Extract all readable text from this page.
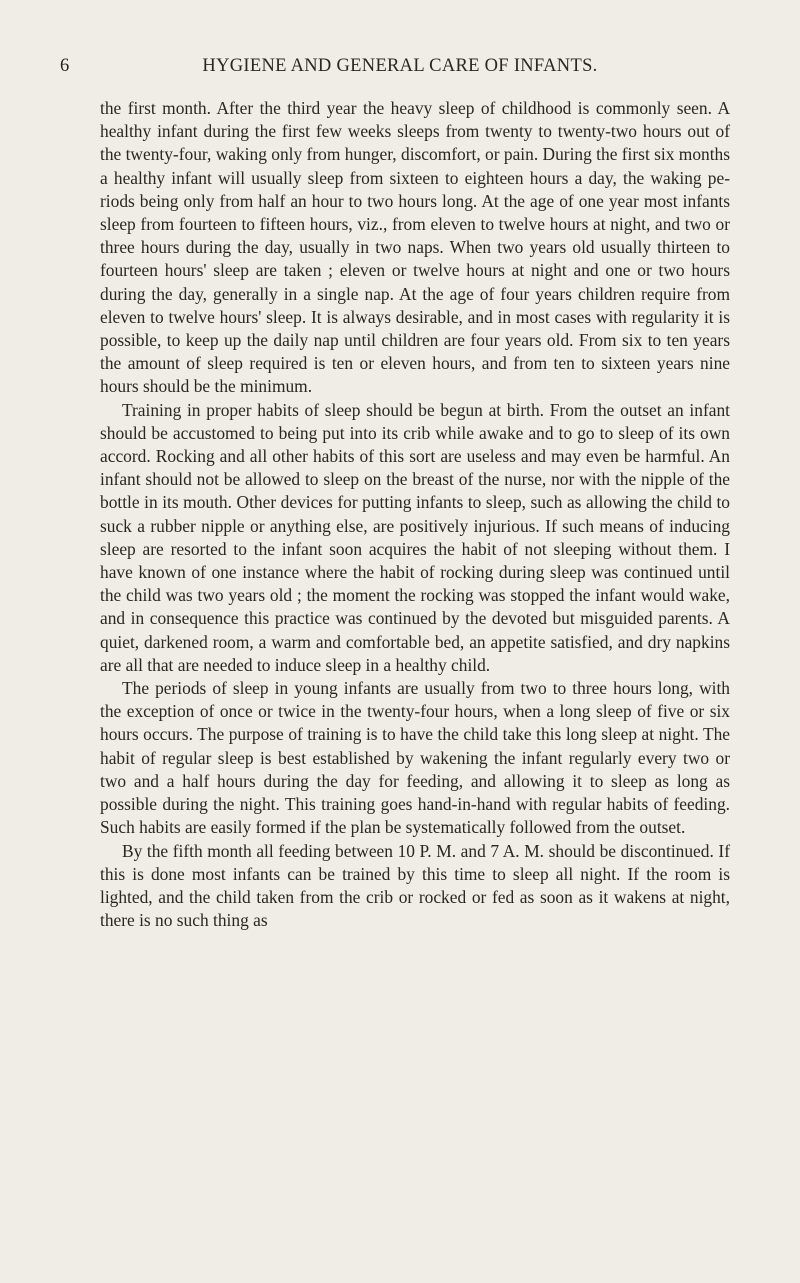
6	HYGIENE AND GENERAL CARE OF INFANTS.

the first month. After the third year the heavy sleep of childhood is commonly seen. A healthy infant during the first few weeks sleeps from twenty to twenty-two hours out of the twenty-four, waking only from hunger, discomfort, or pain. During the first six months a healthy infant will usually sleep from sixteen to eighteen hours a day, the waking periods being only from half an hour to two hours long. At the age of one year most infants sleep from fourteen to fifteen hours, viz., from eleven to twelve hours at night, and two or three hours during the day, usually in two naps. When two years old usually thirteen to fourteen hours' sleep are taken ; eleven or twelve hours at night and one or two hours during the day, generally in a single nap. At the age of four years children require from eleven to twelve hours' sleep. It is always desirable, and in most cases with regularity it is possible, to keep up the daily nap until children are four years old. From six to ten years the amount of sleep required is ten or eleven hours, and from ten to sixteen years nine hours should be the minimum.

Training in proper habits of sleep should be begun at birth. From the outset an infant should be accustomed to being put into its crib while awake and to go to sleep of its own accord. Rocking and all other habits of this sort are useless and may even be harmful. An infant should not be allowed to sleep on the breast of the nurse, nor with the nipple of the bottle in its mouth. Other devices for putting infants to sleep, such as allowing the child to suck a rubber nipple or anything else, are positively injurious. If such means of inducing sleep are resorted to the infant soon acquires the habit of not sleeping without them. I have known of one instance where the habit of rocking during sleep was continued until the child was two years old ; the moment the rocking was stopped the infant would wake, and in consequence this practice was continued by the devoted but misguided parents. A quiet, darkened room, a warm and comfortable bed, an appetite satisfied, and dry napkins are all that are needed to induce sleep in a healthy child.

The periods of sleep in young infants are usually from two to three hours long, with the exception of once or twice in the twenty-four hours, when a long sleep of five or six hours occurs. The purpose of training is to have the child take this long sleep at night. The habit of regular sleep is best established by wakening the infant regularly every two or two and a half hours during the day for feeding, and allowing it to sleep as long as possible during the night. This training goes hand-in-hand with regular habits of feeding. Such habits are easily formed if the plan be systematically followed from the outset.

By the fifth month all feeding between 10 P. M. and 7 A. M. should be discontinued. If this is done most infants can be trained by this time to sleep all night. If the room is lighted, and the child taken from the crib or rocked or fed as soon as it wakens at night, there is no such thing as
